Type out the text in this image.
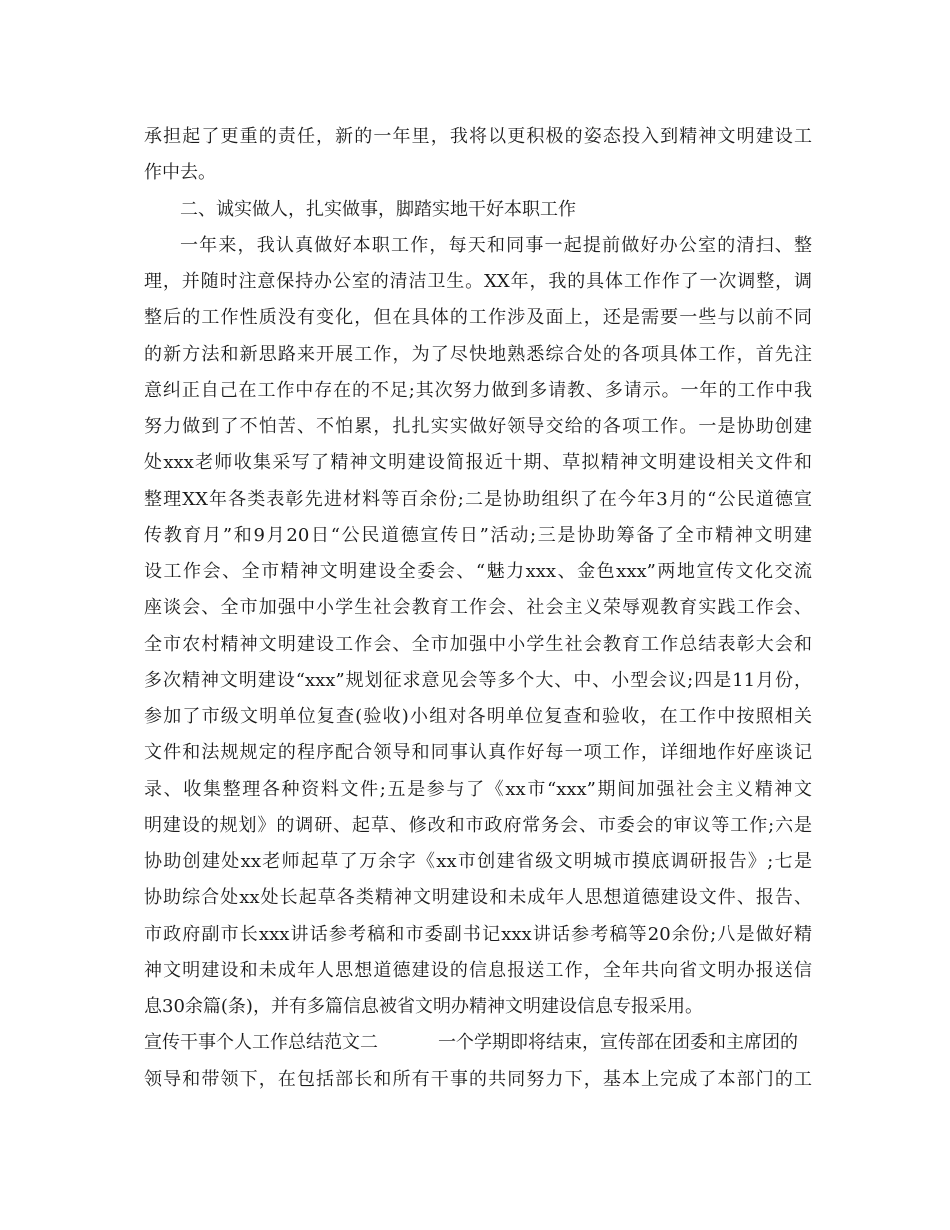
承担起了更重的责任，新的一年里，我将以更积极的姿态投入到精神文明建设工
作中去。
二、诚实做人，扎实做事，脚踏实地干好本职工作
一年来，我认真做好本职工作，每天和同事一起提前做好办公室的清扫、整
理，并随时注意保持办公室的清洁卫生。XX年，我的具体工作作了一次调整，调
整后的工作性质没有变化，但在具体的工作涉及面上，还是需要一些与以前不同
的新方法和新思路来开展工作，为了尽快地熟悉综合处的各项具体工作，首先注
意纠正自己在工作中存在的不足;其次努力做到多请教、多请示。一年的工作中我
努力做到了不怕苦、不怕累，扎扎实实做好领导交给的各项工作。一是协助创建
处xxx老师收集采写了精神文明建设简报近十期、草拟精神文明建设相关文件和
整理XX年各类表彰先进材料等百余份;二是协助组织了在今年3月的“公民道德宣
传教育月”和9月20日“公民道德宣传日”活动;三是协助筹备了全市精神文明建
设工作会、全市精神文明建设全委会、“魅力xxx、金色xxx”两地宣传文化交流
座谈会、全市加强中小学生社会教育工作会、社会主义荣辱观教育实践工作会、
全市农村精神文明建设工作会、全市加强中小学生社会教育工作总结表彰大会和
多次精神文明建设“xxx”规划征求意见会等多个大、中、小型会议;四是11月份，
参加了市级文明单位复查(验收)小组对各明单位复查和验收，在工作中按照相关
文件和法规规定的程序配合领导和同事认真作好每一项工作，详细地作好座谈记
录、收集整理各种资料文件;五是参与了《xx市“xxx”期间加强社会主义精神文
明建设的规划》的调研、起草、修改和市政府常务会、市委会的审议等工作;六是
协助创建处xx老师起草了万余字《xx市创建省级文明城市摸底调研报告》;七是
协助综合处xx处长起草各类精神文明建设和未成年人思想道德建设文件、报告、
市政府副市长xxx讲话参考稿和市委副书记xxx讲话参考稿等20余份;八是做好精
神文明建设和未成年人思想道德建设的信息报送工作，全年共向省文明办报送信
息30余篇(条)，并有多篇信息被省文明办精神文明建设信息专报采用。
宣传干事个人工作总结范文二	一个学期即将结束，宣传部在团委和主席团的
领导和带领下，在包括部长和所有干事的共同努力下，基本上完成了本部门的工
